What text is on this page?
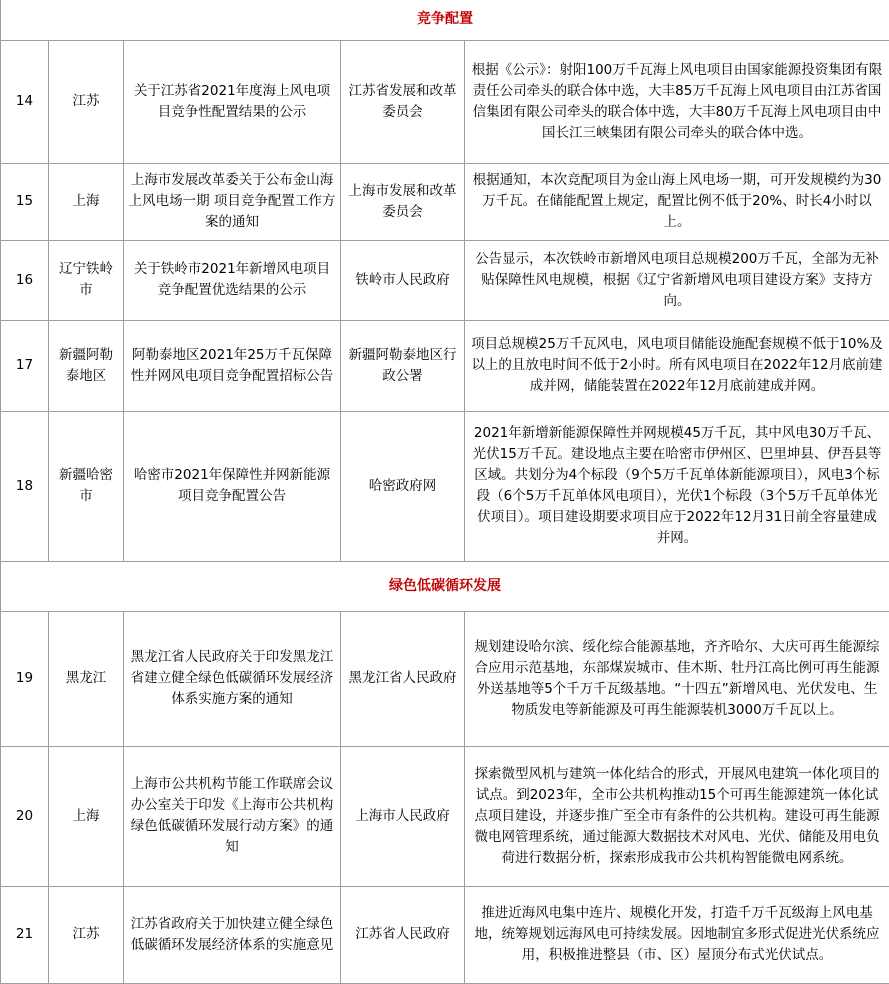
竞争配置				
14	江苏	关于江苏省2021年度海上风电项目竞争性配置结果的公示	江苏省发展和改革委员会	根据《公示》：射阳100万千瓦海上风电项目由国家能源投资集团有限责任公司牵头的联合体中选，大丰85万千瓦海上风电项目由江苏省国信集团有限公司牵头的联合体中选，大丰80万千瓦海上风电项目由中国长江三峡集团有限公司牵头的联合体中选。
15	上海	上海市发展改革委关于公布金山海上风电场一期 项目竞争配置工作方案的通知	上海市发展和改革委员会	根据通知，本次竞配项目为金山海上风电场一期，可开发规模约为30万千瓦。在储能配置上规定，配置比例不低于20%、时长4小时以上。
16	辽宁铁岭市	关于铁岭市2021年新增风电项目竞争配置优选结果的公示	铁岭市人民政府	公告显示，本次铁岭市新增风电项目总规模200万千瓦，全部为无补贴保障性风电规模，根据《辽宁省新增风电项目建设方案》支持方向。
17	新疆阿勒泰地区	阿勒泰地区2021年25万千瓦保障性并网风电项目竞争配置招标公告	新疆阿勒泰地区行政公署	项目总规模25万千瓦风电，风电项目储能设施配套规模不低于10%及以上的且放电时间不低于2小时。所有风电项目在2022年12月底前建成并网，储能装置在2022年12月底前建成并网。
18	新疆哈密市	哈密市2021年保障性并网新能源项目竞争配置公告	哈密政府网	2021年新增新能源保障性并网规模45万千瓦，其中风电30万千瓦、光伏15万千瓦。建设地点主要在哈密市伊州区、巴里坤县、伊吾县等区域。共划分为4个标段（9个5万千瓦单体新能源项目），风电3个标段（6个5万千瓦单体风电项目），光伏1个标段（3个5万千瓦单体光伏项目）。项目建设期要求项目应于2022年12月31日前全容量建成并网。
绿色低碳循环发展				
19	黑龙江	黑龙江省人民政府关于印发黑龙江省建立健全绿色低碳循环发展经济体系实施方案的通知	黑龙江省人民政府	规划建设哈尔滨、绥化综合能源基地，齐齐哈尔、大庆可再生能源综合应用示范基地，东部煤炭城市、佳木斯、牡丹江高比例可再生能源外送基地等5个千万千瓦级基地。“十四五”新增风电、光伏发电、生物质发电等新能源及可再生能源装机3000万千瓦以上。
20	上海	上海市公共机构节能工作联席会议办公室关于印发《上海市公共机构绿色低碳循环发展行动方案》的通知	上海市人民政府	探索微型风机与建筑一体化结合的形式，开展风电建筑一体化项目的试点。到2023年，全市公共机构推动15个可再生能源建筑一体化试点项目建设，并逐步推广至全市有条件的公共机构。建设可再生能源微电网管理系统，通过能源大数据技术对风电、光伏、储能及用电负荷进行数据分析，探索形成我市公共机构智能微电网系统。
21	江苏	江苏省政府关于加快建立健全绿色低碳循环发展经济体系的实施意见	江苏省人民政府	推进近海风电集中连片、规模化开发，打造千万千瓦级海上风电基地，统筹规划远海风电可持续发展。因地制宜多形式促进光伏系统应用，积极推进整县（市、区）屋顶分布式光伏试点。
